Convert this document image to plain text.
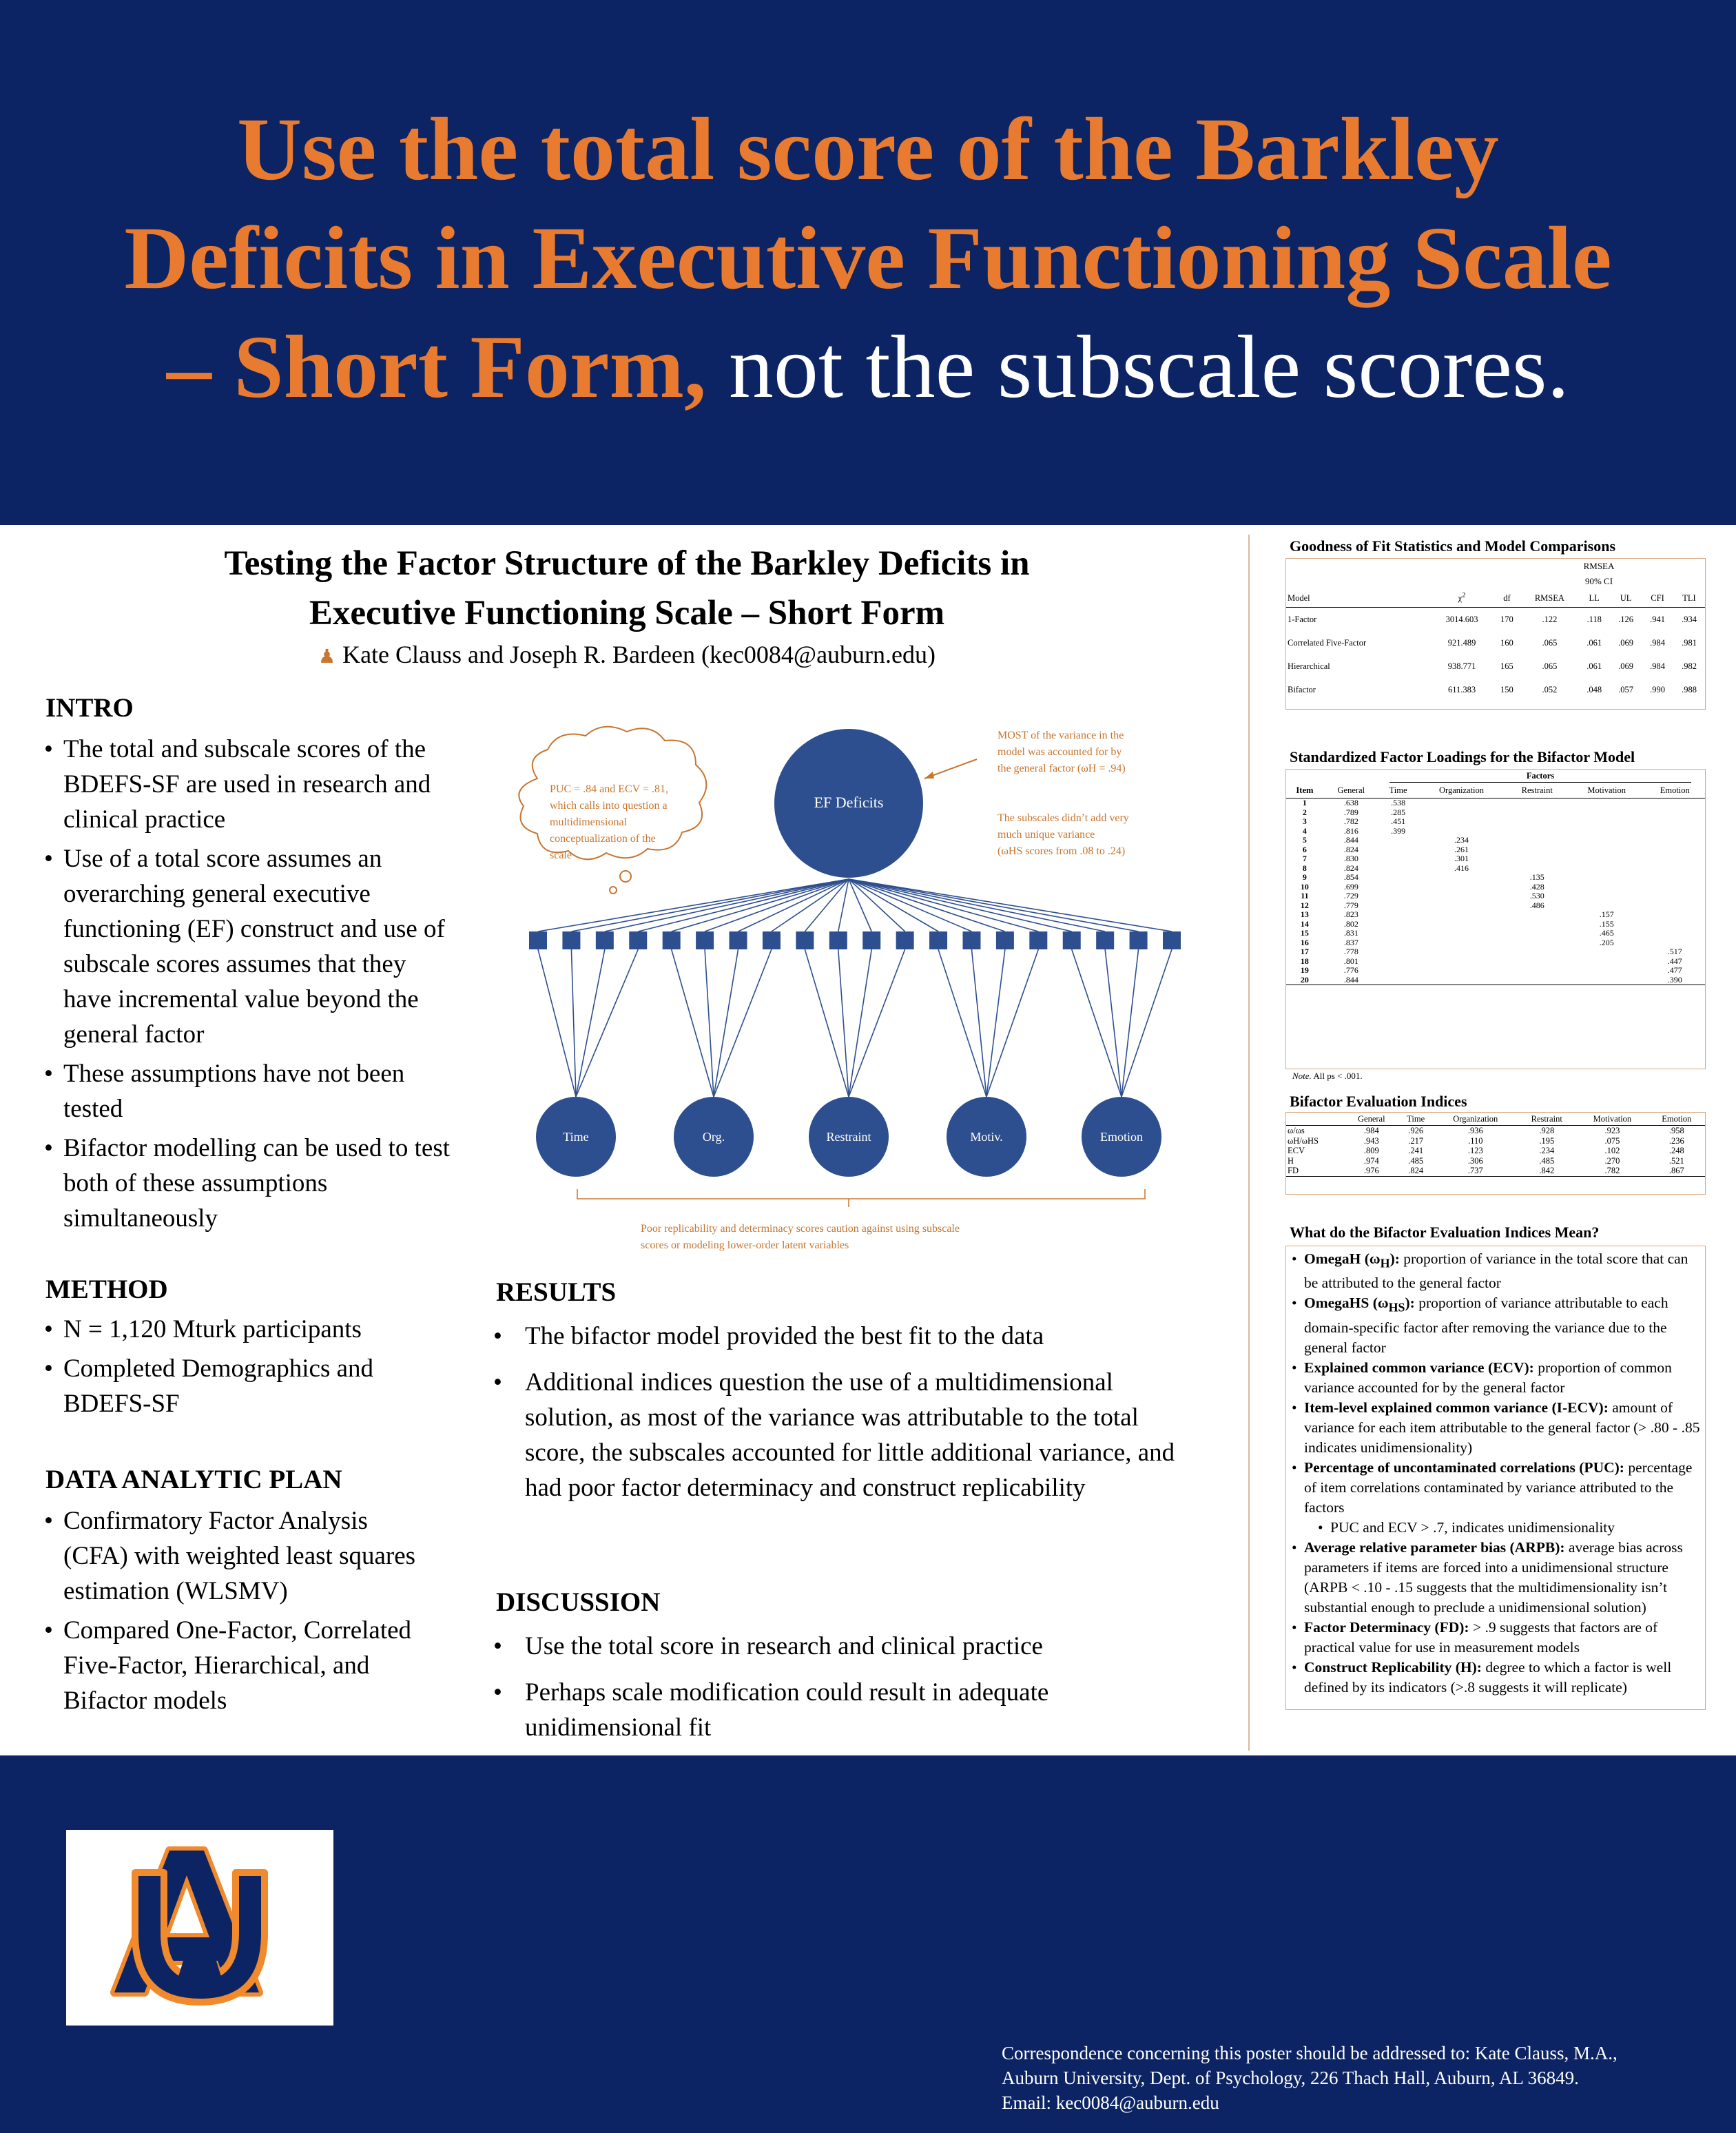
Use the total score of the Barkley
Deficits in Executive Functioning Scale
– Short Form, not the subscale scores.
Testing the Factor Structure of the Barkley Deficits in
Executive Functioning Scale – Short Form
♟ Kate Clauss and Joseph R. Bardeen (kec0084@auburn.edu)
INTRO
• The total and subscale scores of the BDEFS-SF are used in research and clinical practice
• Use of a total score assumes an overarching general executive functioning (EF) construct and use of subscale scores assumes that they have incremental value beyond the general factor
• These assumptions have not been tested
• Bifactor modelling can be used to test both of these assumptions simultaneously
METHOD
• N = 1,120 Mturk participants
• Completed Demographics and BDEFS-SF
DATA ANALYTIC PLAN
• Confirmatory Factor Analysis (CFA) with weighted least squares estimation (WLSMV)
• Compared One-Factor, Correlated Five-Factor, Hierarchical, and Bifactor models
RESULTS
• The bifactor model provided the best fit to the data
• Additional indices question the use of a multidimensional solution, as most of the variance was attributable to the total score, the subscales accounted for little additional variance, and had poor factor determinacy and construct replicability
DISCUSSION
• Use the total score in research and clinical practice
• Perhaps scale modification could result in adequate unidimensional fit
PUC = .84 and ECV = .81, which calls into question a multidimensional conceptualization of the scale
EF Deficits
MOST of the variance in the model was accounted for by the general factor (ωH = .94)
The subscales didn’t add very much unique variance (ωHS scores from .08 to .24)
Time	Org.	Restraint	Motiv.	Emotion
Poor replicability and determinacy scores caution against using subscale scores or modeling lower-order latent variables
Goodness of Fit Statistics and Model Comparisons
RMSEA
90% CI
Model	$\chi^2$	df	RMSEA	LL	UL	CFI	TLI
1-Factor	3014.603	170	.122	.118	.126	.941	.934
Correlated Five-Factor	921.489	160	.065	.061	.069	.984	.981
Hierarchical	938.771	165	.065	.061	.069	.984	.982
Bifactor	611.383	150	.052	.048	.057	.990	.988
Standardized Factor Loadings for the Bifactor Model
Factors
Item	General	Time	Organization	Restraint	Motivation	Emotion
1	.638	.538				
2	.789	.285				
3	.782	.451				
4	.816	.399				
5	.844		.234			
6	.824		.261			
7	.830		.301			
8	.824		.416			
9	.854			.135		
10	.699			.428		
11	.729			.530		
12	.779			.486		
13	.823				.157	
14	.802				.155	
15	.831				.465	
16	.837				.205	
17	.778					.517
18	.801					.447
19	.776					.477
20	.844					.390
Note. All ps < .001.
Bifactor Evaluation Indices
	General	Time	Organization	Restraint	Motivation	Emotion
ω/ωs	.984	.926	.936	.928	.923	.958
ωH/ωHS	.943	.217	.110	.195	.075	.236
ECV	.809	.241	.123	.234	.102	.248
H	.974	.485	.306	.485	.270	.521
FD	.976	.824	.737	.842	.782	.867
What do the Bifactor Evaluation Indices Mean?
• OmegaH $(\omega_H)$: proportion of variance in the total score that can be attributed to the general factor
• OmegaHS $(\omega_{HS})$: proportion of variance attributable to each domain-specific factor after removing the variance due to the general factor
• Explained common variance (ECV): proportion of common variance accounted for by the general factor
• Item-level explained common variance (I-ECV): amount of variance for each item attributable to the general factor (> .80 - .85 indicates unidimensionality)
• Percentage of uncontaminated correlations (PUC): percentage of item correlations contaminated by variance attributed to the factors
• PUC and ECV > .7, indicates unidimensionality
• Average relative parameter bias (ARPB): average bias across parameters if items are forced into a unidimensional structure (ARPB < .10 - .15 suggests that the multidimensionality isn’t substantial enough to preclude a unidimensional solution)
• Factor Determinacy (FD): > .9 suggests that factors are of practical value for use in measurement models
• Construct Replicability (H): degree to which a factor is well defined by its indicators (>.8 suggests it will replicate)
Correspondence concerning this poster should be addressed to: Kate Clauss, M.A.,
Auburn University, Dept. of Psychology, 226 Thach Hall, Auburn, AL 36849.
Email: kec0084@auburn.edu
